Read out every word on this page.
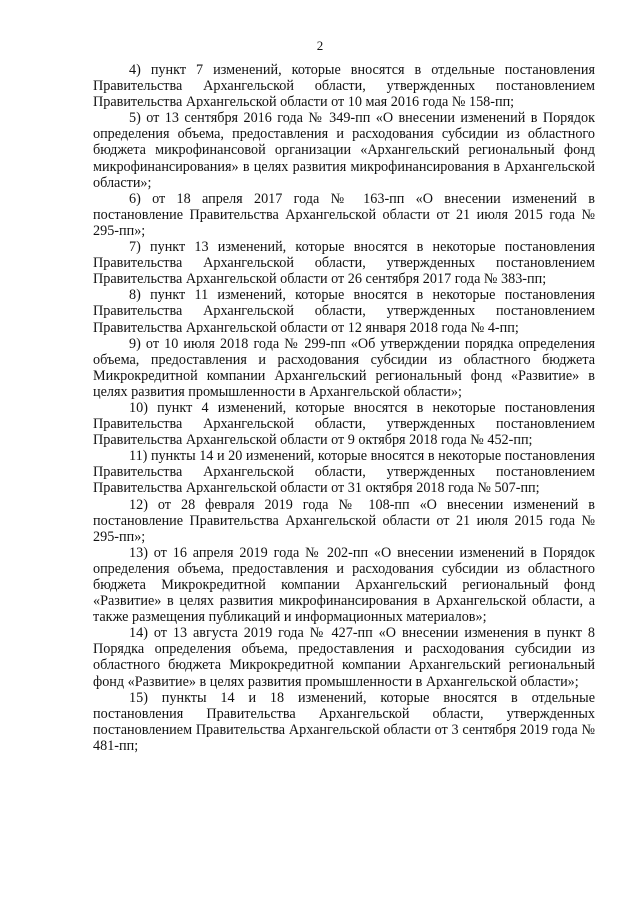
2

4) пункт 7 изменений, которые вносятся в отдельные постановления Правительства Архангельской области, утвержденных постановлением Правительства Архангельской области от 10 мая 2016 года № 158-пп;

5) от 13 сентября 2016 года № 349-пп «О внесении изменений в Порядок определения объема, предоставления и расходования субсидии из областного бюджета микрофинансовой организации «Архангельский региональный фонд микрофинансирования» в целях развития микрофинансирования в Архангельской области»;

6) от 18 апреля 2017 года № 163-пп «О внесении изменений в постановление Правительства Архангельской области от 21 июля 2015 года № 295-пп»;

7) пункт 13 изменений, которые вносятся в некоторые постановления Правительства Архангельской области, утвержденных постановлением Правительства Архангельской области от 26 сентября 2017 года № 383-пп;

8) пункт 11 изменений, которые вносятся в некоторые постановления Правительства Архангельской области, утвержденных постановлением Правительства Архангельской области от 12 января 2018 года № 4-пп;

9) от 10 июля 2018 года № 299-пп «Об утверждении порядка определения объема, предоставления и расходования субсидии из областного бюджета Микрокредитной компании Архангельский региональный фонд «Развитие» в целях развития промышленности в Архангельской области»;

10) пункт 4 изменений, которые вносятся в некоторые постановления Правительства Архангельской области, утвержденных постановлением Правительства Архангельской области от 9 октября 2018 года № 452-пп;

11) пункты 14 и 20 изменений, которые вносятся в некоторые постановления Правительства Архангельской области, утвержденных постановлением Правительства Архангельской области от 31 октября 2018 года № 507-пп;

12) от 28 февраля 2019 года № 108-пп «О внесении изменений в постановление Правительства Архангельской области от 21 июля 2015 года № 295-пп»;

13) от 16 апреля 2019 года № 202-пп «О внесении изменений в Порядок определения объема, предоставления и расходования субсидии из областного бюджета Микрокредитной компании Архангельский региональный фонд «Развитие» в целях развития микрофинансирования в Архангельской области, а также размещения публикаций и информационных материалов»;

14) от 13 августа 2019 года № 427-пп «О внесении изменения в пункт 8 Порядка определения объема, предоставления и расходования субсидии из областного бюджета Микрокредитной компании Архангельский региональный фонд «Развитие» в целях развития промышленности в Архангельской области»;

15) пункты 14 и 18 изменений, которые вносятся в отдельные постановления Правительства Архангельской области, утвержденных постановлением Правительства Архангельской области от 3 сентября 2019 года № 481-пп;
